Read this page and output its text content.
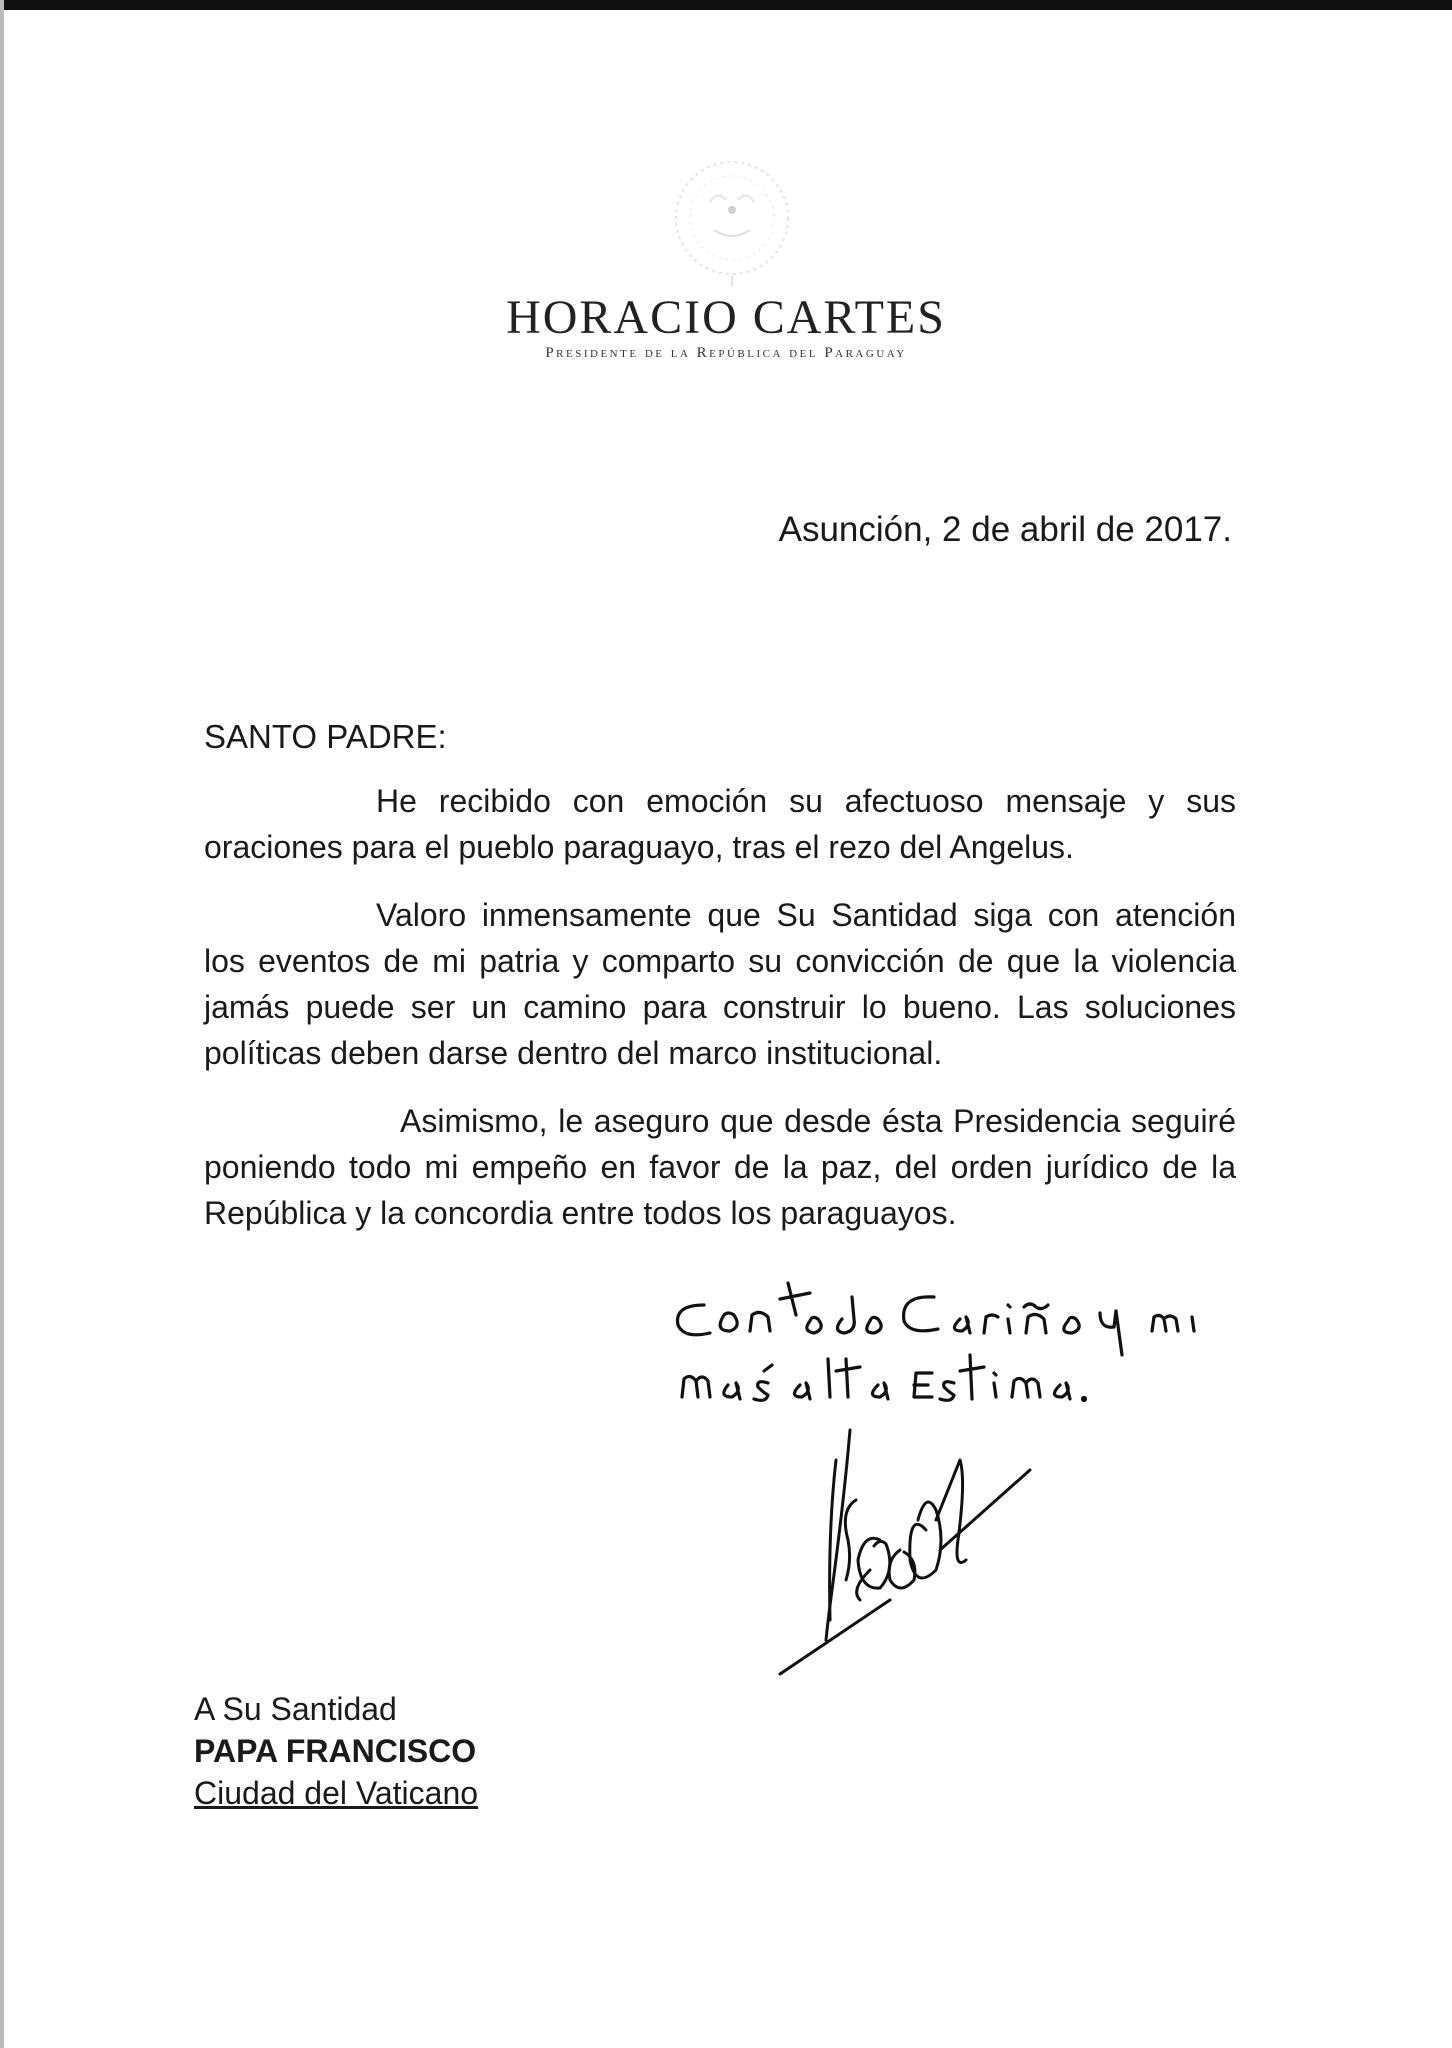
HORACIO CARTES
Presidente de la República del Paraguay
Asunción, 2 de abril de 2017.
SANTO PADRE:

He recibido con emoción su afectuoso mensaje y sus oraciones para el pueblo paraguayo, tras el rezo del Angelus.

Valoro inmensamente que Su Santidad siga con atención los eventos de mi patria y comparto su convicción de que la violencia jamás puede ser un camino para construir lo bueno. Las soluciones políticas deben darse dentro del marco institucional.

Asimismo, le aseguro que desde ésta Presidencia seguiré poniendo todo mi empeño en favor de la paz, del orden jurídico de la República y la concordia entre todos los paraguayos.

A Su Santidad
PAPA FRANCISCO
Ciudad del Vaticano
